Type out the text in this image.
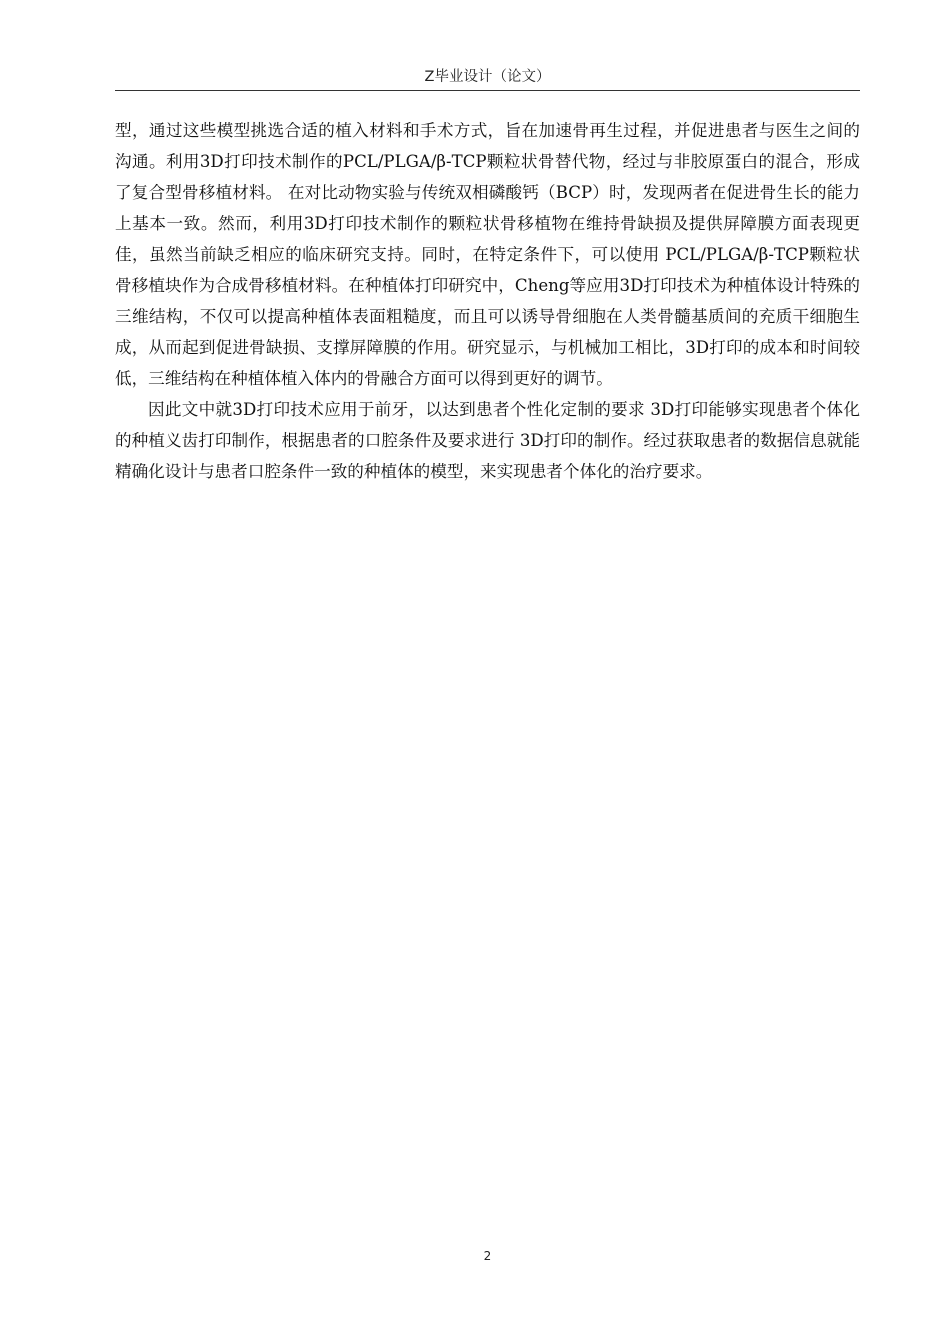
Z毕业设计（论文）

型，通过这些模型挑选合适的植入材料和手术方式，旨在加速骨再生过程，并促进患者与医生之间的沟通。利用3D打印技术制作的PCL/PLGA/β-TCP颗粒状骨替代物，经过与非胶原蛋白的混合，形成了复合型骨移植材料。 在对比动物实验与传统双相磷酸钙（BCP）时，发现两者在促进骨生长的能力上基本一致。然而，利用3D打印技术制作的颗粒状骨移植物在维持骨缺损及提供屏障膜方面表现更佳，虽然当前缺乏相应的临床研究支持。同时，在特定条件下，可以使用 PCL/PLGA/β-TCP颗粒状骨移植块作为合成骨移植材料。在种植体打印研究中，Cheng等应用3D打印技术为种植体设计特殊的三维结构，不仅可以提高种植体表面粗糙度，而且可以诱导骨细胞在人类骨髓基质间的充质干细胞生成，从而起到促进骨缺损、支撑屏障膜的作用。研究显示，与机械加工相比，3D打印的成本和时间较低，三维结构在种植体植入体内的骨融合方面可以得到更好的调节。

因此文中就3D打印技术应用于前牙，以达到患者个性化定制的要求 3D打印能够实现患者个体化的种植义齿打印制作，根据患者的口腔条件及要求进行 3D打印的制作。经过获取患者的数据信息就能精确化设计与患者口腔条件一致的种植体的模型，来实现患者个体化的治疗要求。

2
